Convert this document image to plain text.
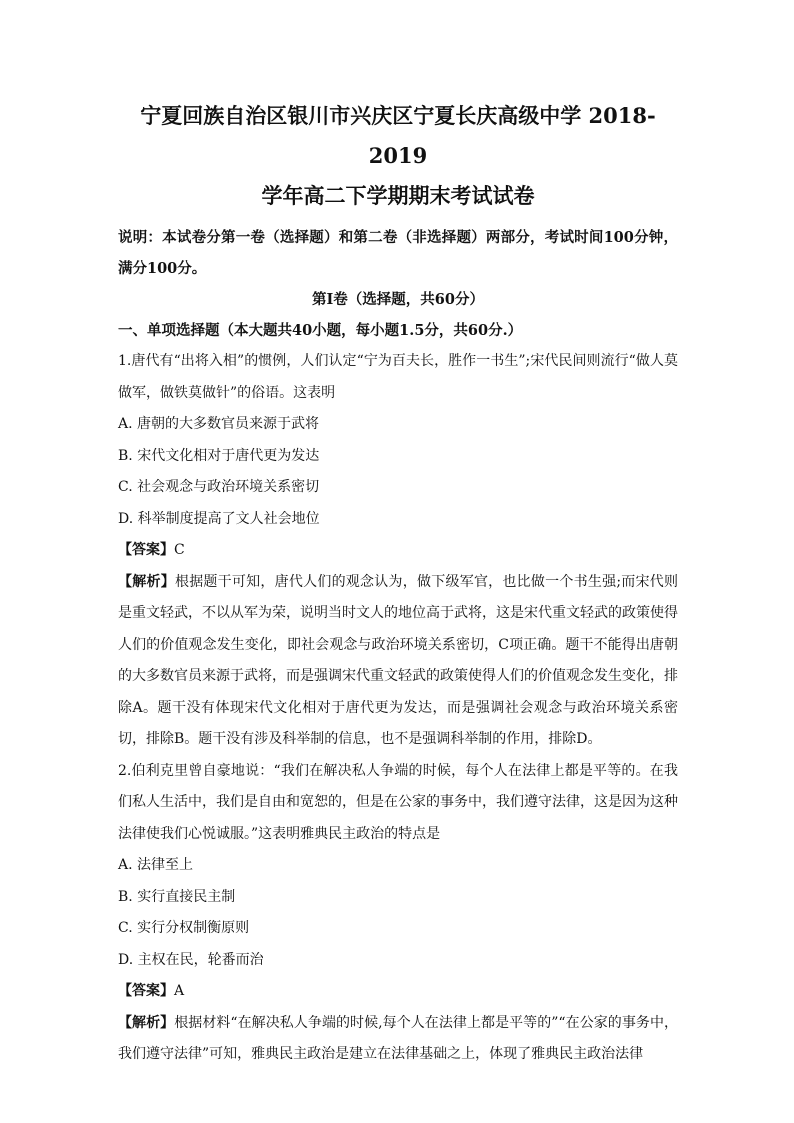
宁夏回族自治区银川市兴庆区宁夏长庆高级中学 2018-2019
学年高二下学期期末考试试卷

说明：本试卷分第一卷（选择题）和第二卷（非选择题）两部分，考试时间100分钟，满分100分。

第Ⅰ卷（选择题，共60分）

一、单项选择题（本大题共40小题，每小题1.5分，共60分.）

1.唐代有“出将入相”的惯例，人们认定“宁为百夫长，胜作一书生”;宋代民间则流行“做人莫做军，做铁莫做针”的俗语。这表明

A. 唐朝的大多数官员来源于武将

B. 宋代文化相对于唐代更为发达

C. 社会观念与政治环境关系密切

D. 科举制度提高了文人社会地位

【答案】C

【解析】根据题干可知，唐代人们的观念认为，做下级军官，也比做一个书生强;而宋代则是重文轻武，不以从军为荣，说明当时文人的地位高于武将，这是宋代重文轻武的政策使得人们的价值观念发生变化，即社会观念与政治环境关系密切，C项正确。题干不能得出唐朝的大多数官员来源于武将，而是强调宋代重文轻武的政策使得人们的价值观念发生变化，排除A。题干没有体现宋代文化相对于唐代更为发达，而是强调社会观念与政治环境关系密切，排除B。题干没有涉及科举制的信息，也不是强调科举制的作用，排除D。

2.伯利克里曾自豪地说：“我们在解决私人争端的时候，每个人在法律上都是平等的。在我们私人生活中，我们是自由和宽恕的，但是在公家的事务中，我们遵守法律，这是因为这种法律使我们心悦诚服。”这表明雅典民主政治的特点是

A. 法律至上

B. 实行直接民主制

C. 实行分权制衡原则

D. 主权在民，轮番而治

【答案】A

【解析】根据材料“在解决私人争端的时候,每个人在法律上都是平等的”“在公家的事务中，我们遵守法律”可知，雅典民主政治是建立在法律基础之上，体现了雅典民主政治法律
